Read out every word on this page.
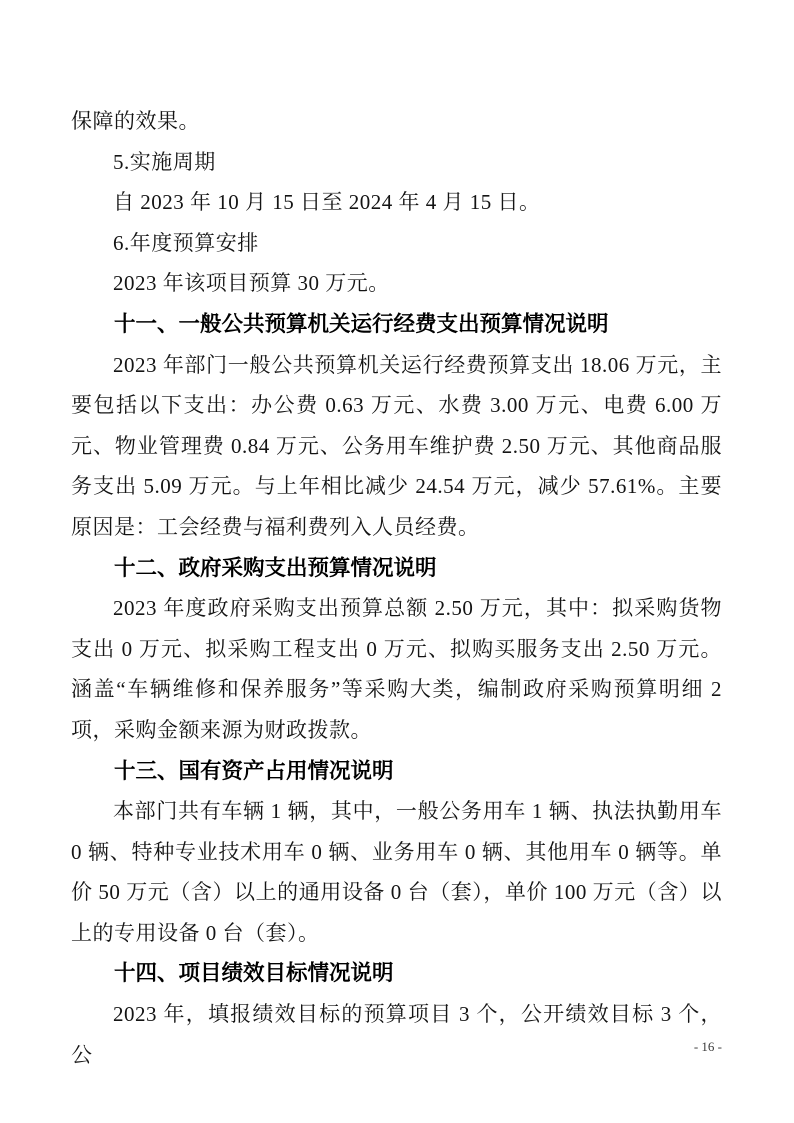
保障的效果。

5.实施周期

自 2023 年 10 月 15 日至 2024 年 4 月 15 日。

6.年度预算安排

2023 年该项目预算 30 万元。

十一、一般公共预算机关运行经费支出预算情况说明

2023 年部门一般公共预算机关运行经费预算支出 18.06 万元，主要包括以下支出：办公费 0.63 万元、水费 3.00 万元、电费 6.00 万元、物业管理费 0.84 万元、公务用车维护费 2.50 万元、其他商品服务支出 5.09 万元。与上年相比减少 24.54 万元，减少 57.61%。主要原因是：工会经费与福利费列入人员经费。

十二、政府采购支出预算情况说明

2023 年度政府采购支出预算总额 2.50 万元，其中：拟采购货物支出 0 万元、拟采购工程支出 0 万元、拟购买服务支出 2.50 万元。涵盖“车辆维修和保养服务”等采购大类，编制政府采购预算明细 2 项，采购金额来源为财政拨款。

十三、国有资产占用情况说明

本部门共有车辆 1 辆，其中，一般公务用车 1 辆、执法执勤用车 0 辆、特种专业技术用车 0 辆、业务用车 0 辆、其他用车 0 辆等。单价 50 万元（含）以上的通用设备 0 台（套），单价 100 万元（含）以上的专用设备 0 台（套）。

十四、项目绩效目标情况说明

2023 年，填报绩效目标的预算项目 3 个，公开绩效目标 3 个，公	- 16 -
